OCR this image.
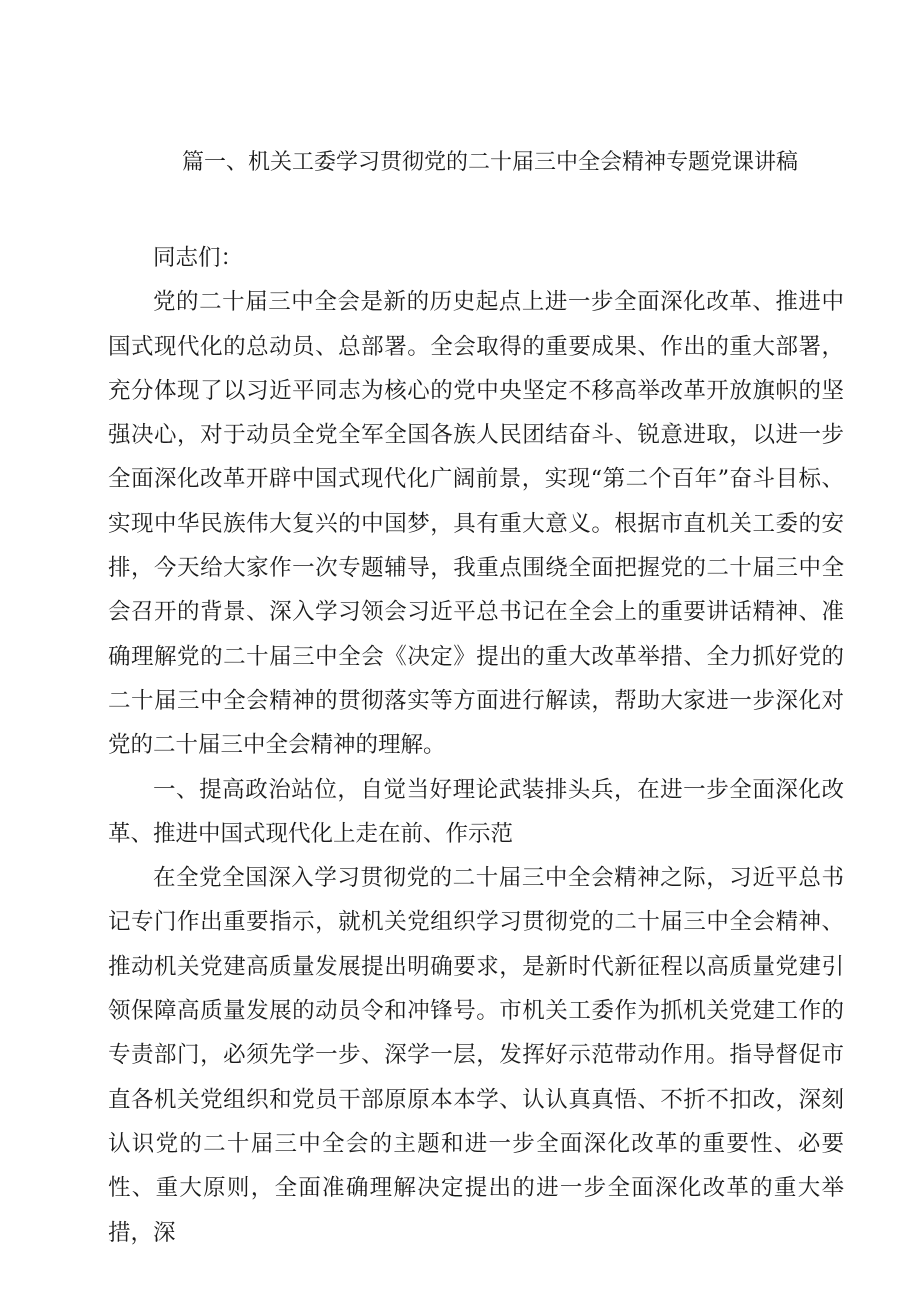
篇一、机关工委学习贯彻党的二十届三中全会精神专题党课讲稿

同志们：

党的二十届三中全会是新的历史起点上进一步全面深化改革、推进中国式现代化的总动员、总部署。全会取得的重要成果、作出的重大部署，充分体现了以习近平同志为核心的党中央坚定不移高举改革开放旗帜的坚强决心，对于动员全党全军全国各族人民团结奋斗、锐意进取，以进一步全面深化改革开辟中国式现代化广阔前景，实现“第二个百年”奋斗目标、实现中华民族伟大复兴的中国梦，具有重大意义。根据市直机关工委的安排，今天给大家作一次专题辅导，我重点围绕全面把握党的二十届三中全会召开的背景、深入学习领会习近平总书记在全会上的重要讲话精神、准确理解党的二十届三中全会《决定》提出的重大改革举措、全力抓好党的二十届三中全会精神的贯彻落实等方面进行解读，帮助大家进一步深化对党的二十届三中全会精神的理解。

一、提高政治站位，自觉当好理论武装排头兵，在进一步全面深化改革、推进中国式现代化上走在前、作示范

在全党全国深入学习贯彻党的二十届三中全会精神之际，习近平总书记专门作出重要指示，就机关党组织学习贯彻党的二十届三中全会精神、推动机关党建高质量发展提出明确要求，是新时代新征程以高质量党建引领保障高质量发展的动员令和冲锋号。市机关工委作为抓机关党建工作的专责部门，必须先学一步、深学一层，发挥好示范带动作用。指导督促市直各机关党组织和党员干部原原本本学、认认真真悟、不折不扣改，深刻认识党的二十届三中全会的主题和进一步全面深化改革的重要性、必要性、重大原则，全面准确理解决定提出的进一步全面深化改革的重大举措，深
